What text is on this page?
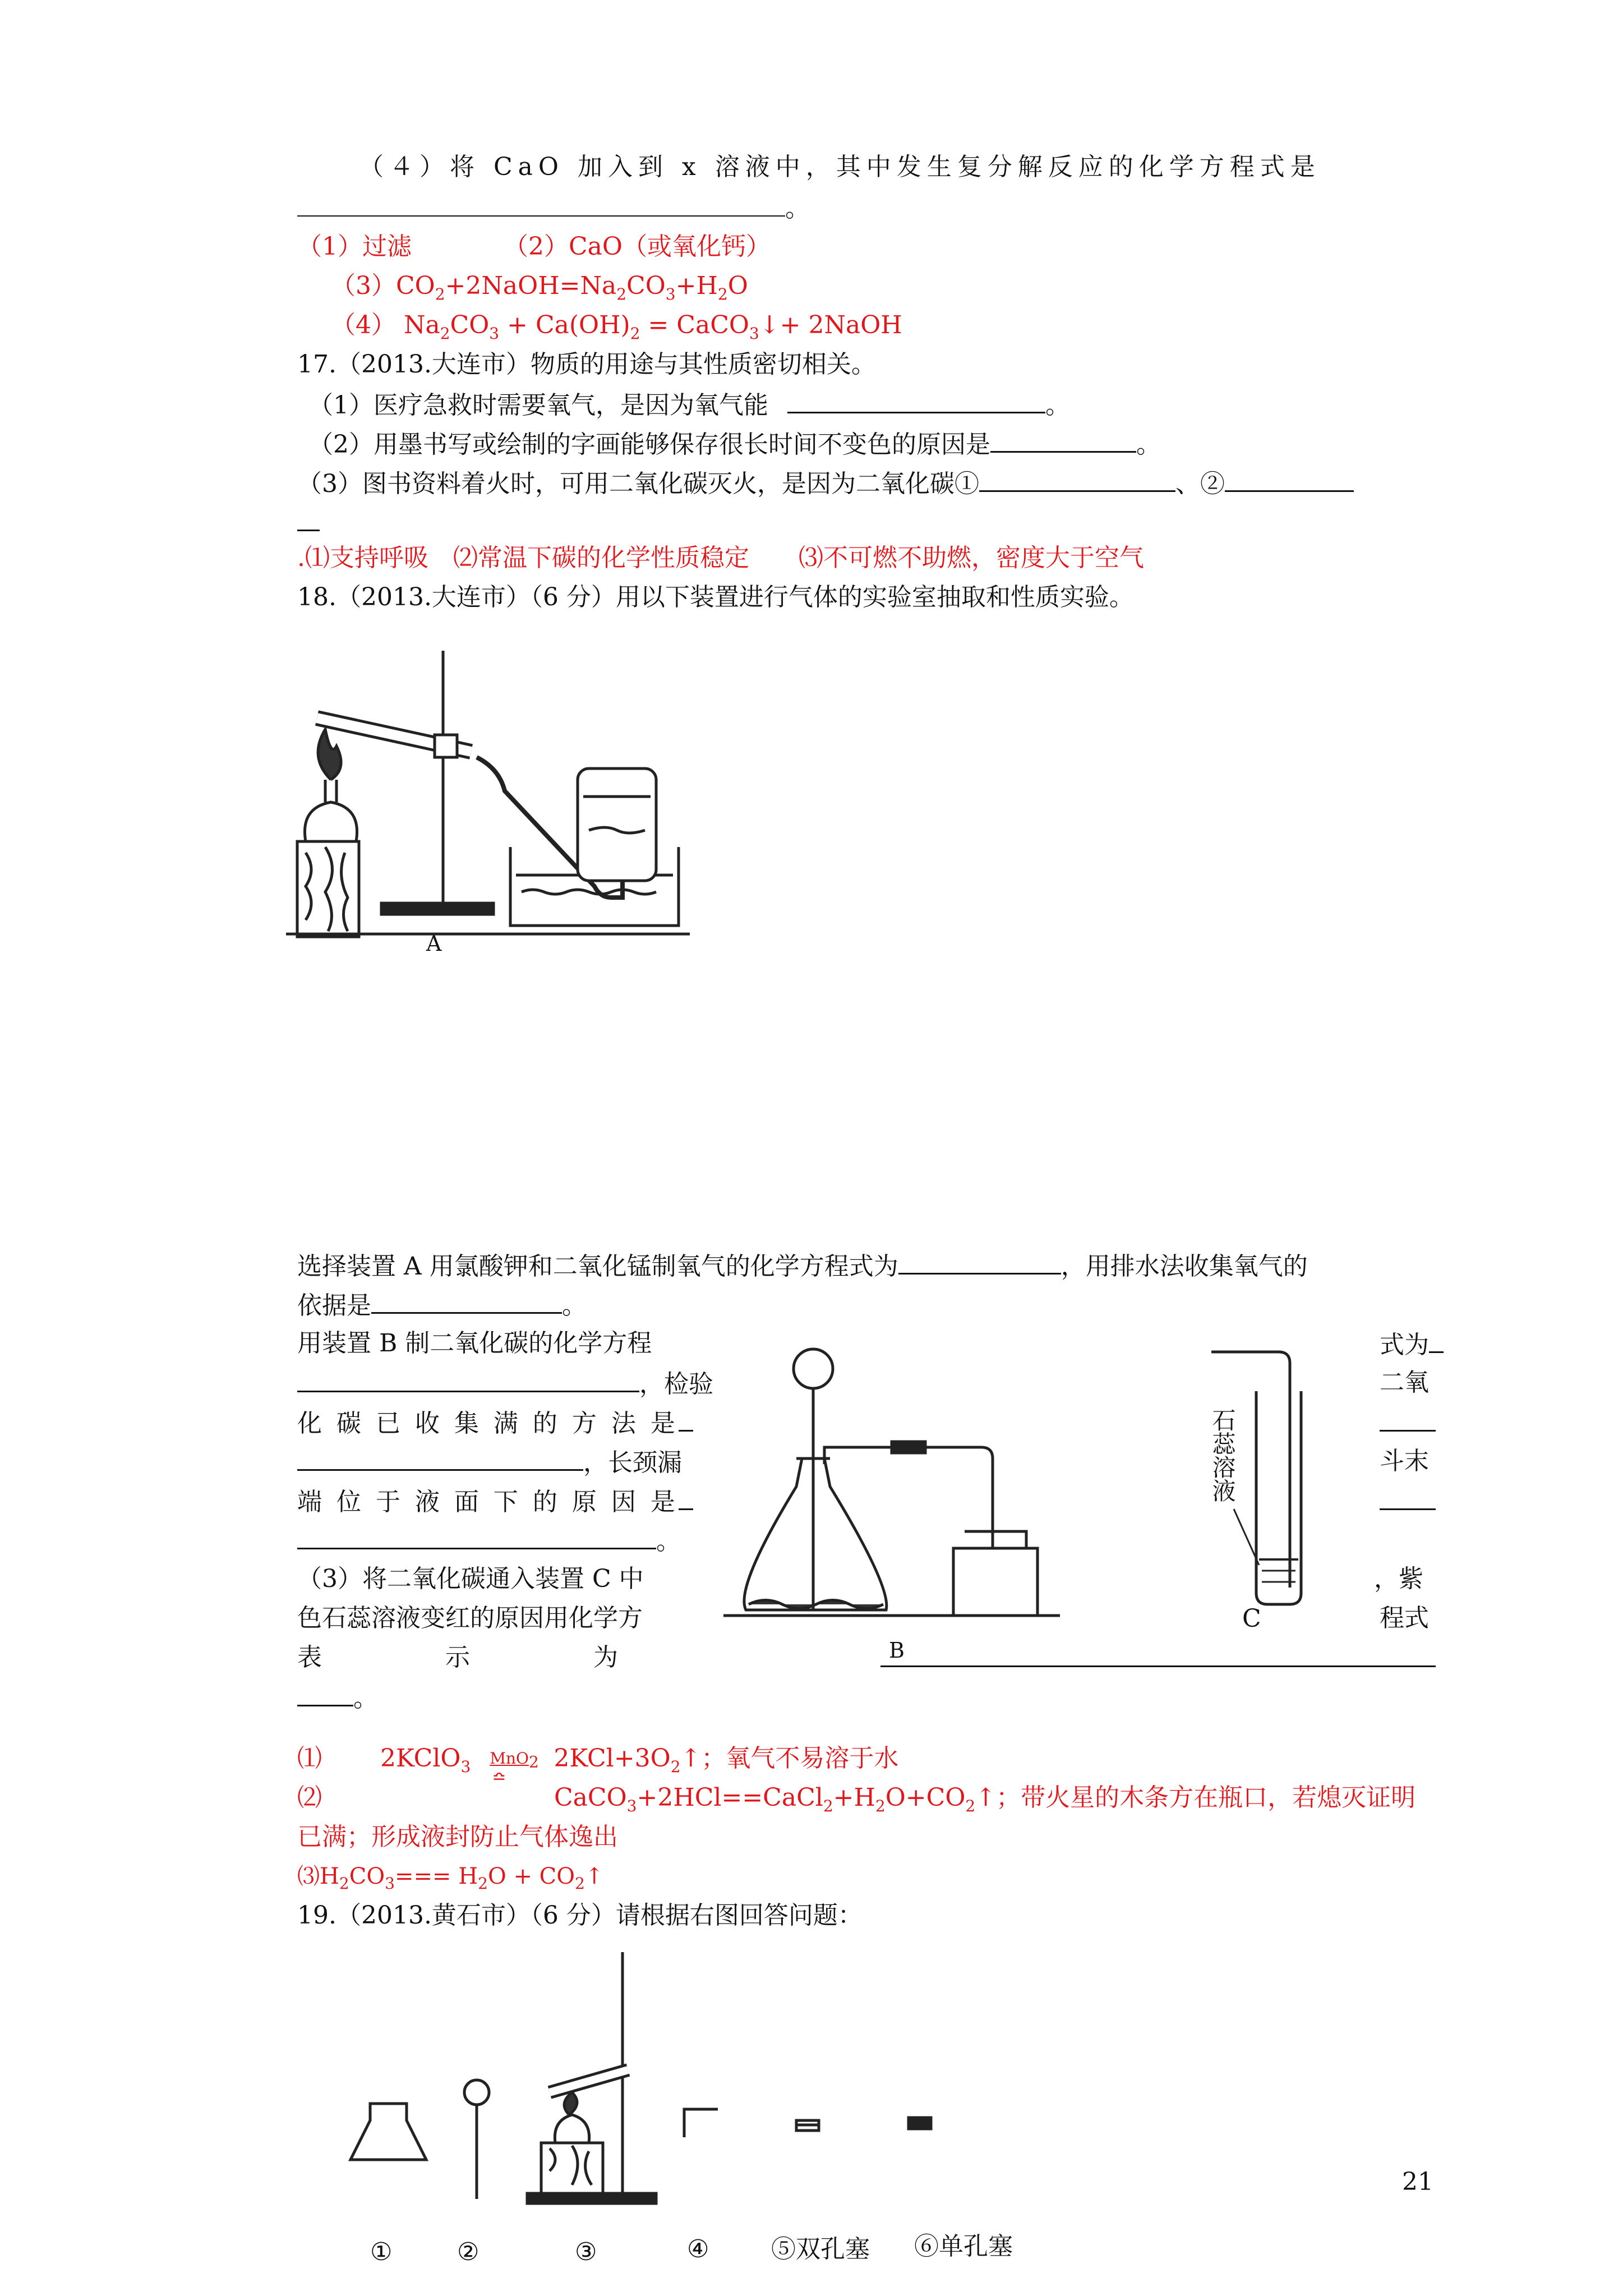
（４）将 CaO 加入到 x 溶液中，其中发生复分解反应的化学方程式是
。
（1）过滤	（2）CaO（或氧化钙）
$(3)CO_2+2NaOH=Na_2CO_3+H_2O$
（4） $Na_2CO_3 + Ca(OH)_2$ = CaCO$_3$↓+ 2NaOH
17.（2013.大连市）物质的用途与其性质密切相关。
（1）医疗急救时需要氧气，是因为氧气能	。
（2）用墨书写或绘制的字画能够保存很长时间不变色的原因是	。
（3）图书资料着火时，可用二氧化碳灭火，是因为二氧化碳①	、②
.⑴支持呼吸　⑵常温下碳的化学性质稳定　　⑶不可燃不助燃，密度大于空气
18.（2013.大连市）（6 分）用以下装置进行气体的实验室抽取和性质实验。
A
选择装置 A 用氯酸钾和二氧化锰制氧气的化学方程式为	，用排水法收集氧气的
依据是	。
用装置 B 制二氧化碳的化学方程	式为
，检验	二氧
化 碳 已 收 集 满 的 方 法 是
，长颈漏	斗末
端 位 于 液 面 下 的 原 因 是
。
（3）将二氧化碳通入装置 C 中	，紫
色石蕊溶液变红的原因用化学方	程式
表　　　　　示　　　　　为
。
B
石蕊溶液
C
⑴ 2KClO$_3$ MnO$_2$
≏
$2KCl+3O_2↑$；氧气不易溶于水
⑵	$CaCO_3+2HCl==CaCl_2+H_2O+CO_2↑$；带火星的木条方在瓶口，若熄灭证明
已满；形成液封防止气体逸出
$⑶H_2CO_3=== H_2O$ + $CO_2↑$
19.（2013.黄石市）（6 分）请根据右图回答问题：
①	②	③	④	⑤双孔塞 ⑥单孔塞
21
